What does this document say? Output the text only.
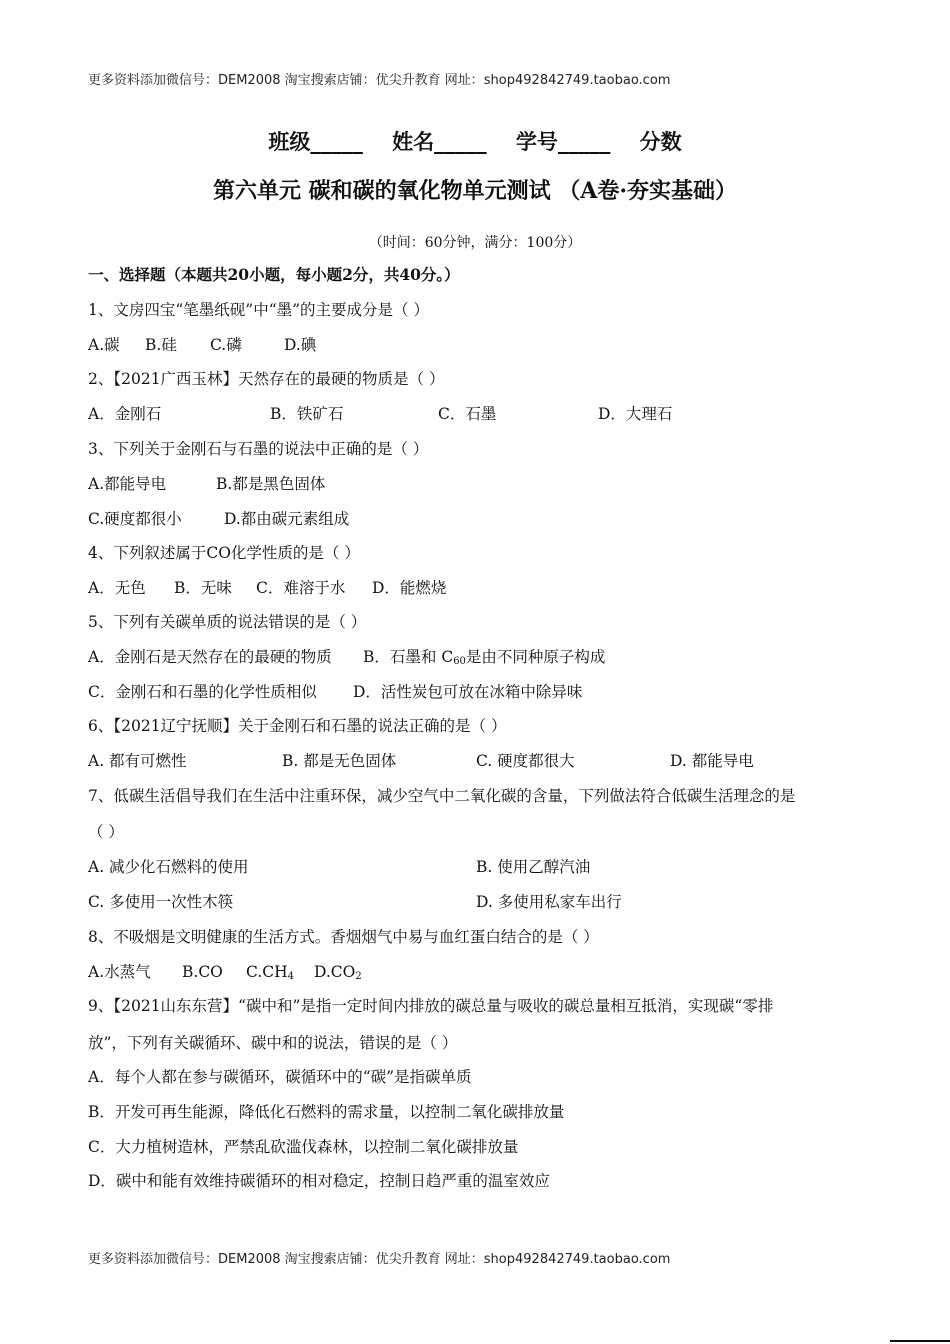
更多资料添加微信号：DEM2008 淘宝搜索店铺：优尖升教育 网址：shop492842749.taobao.com
班级_____    姓名_____    学号_____    分数
第六单元 碳和碳的氧化物单元测试 （A卷·夯实基础）
（时间：60分钟，满分：100分）
一、选择题（本题共20小题，每小题2分，共40分。）
1、文房四宝“笔墨纸砚”中“墨”的主要成分是（ ）
A.碳 B.硅 C.磷	D.碘
2、【2021广西玉林】天然存在的最硬的物质是（ ）
A．金刚石	B．铁矿石	C．石墨	D．大理石
3、下列关于金刚石与石墨的说法中正确的是（ ）
A.都能导电	B.都是黑色固体
C.硬度都很小	D.都由碳元素组成
4、下列叙述属于CO化学性质的是（ ）
A．无色 B．无味 C．难溶于水 D．能燃烧
5、下列有关碳单质的说法错误的是（ ）
A．金刚石是天然存在的最硬的物质 B．石墨和 $C_{60}$是由不同种原子构成
C．金刚石和石墨的化学性质相似 D．活性炭包可放在冰箱中除异味
6、【2021辽宁抚顺】关于金刚石和石墨的说法正确的是（ ）
A. 都有可燃性	B. 都是无色固体	C. 硬度都很大	D. 都能导电
7、低碳生活倡导我们在生活中注重环保，减少空气中二氧化碳的含量，下列做法符合低碳生活理念的是
（ ）
A. 减少化石燃料的使用	B. 使用乙醇汽油
C. 多使用一次性木筷	D. 多使用私家车出行
8、不吸烟是文明健康的生活方式。香烟烟气中易与血红蛋白结合的是（ ）
A.水蒸气 B.CO $C.CH_4$ $D.CO_2$
9、【2021山东东营】“碳中和”是指一定时间内排放的碳总量与吸收的碳总量相互抵消，实现碳“零排
放”，下列有关碳循环、碳中和的说法，错误的是（ ）
A．每个人都在参与碳循环，碳循环中的“碳”是指碳单质
B．开发可再生能源，降低化石燃料的需求量，以控制二氧化碳排放量
C．大力植树造林，严禁乱砍滥伐森林，以控制二氧化碳排放量
D．碳中和能有效维持碳循环的相对稳定，控制日趋严重的温室效应
更多资料添加微信号：DEM2008 淘宝搜索店铺：优尖升教育 网址：shop492842749.taobao.com
